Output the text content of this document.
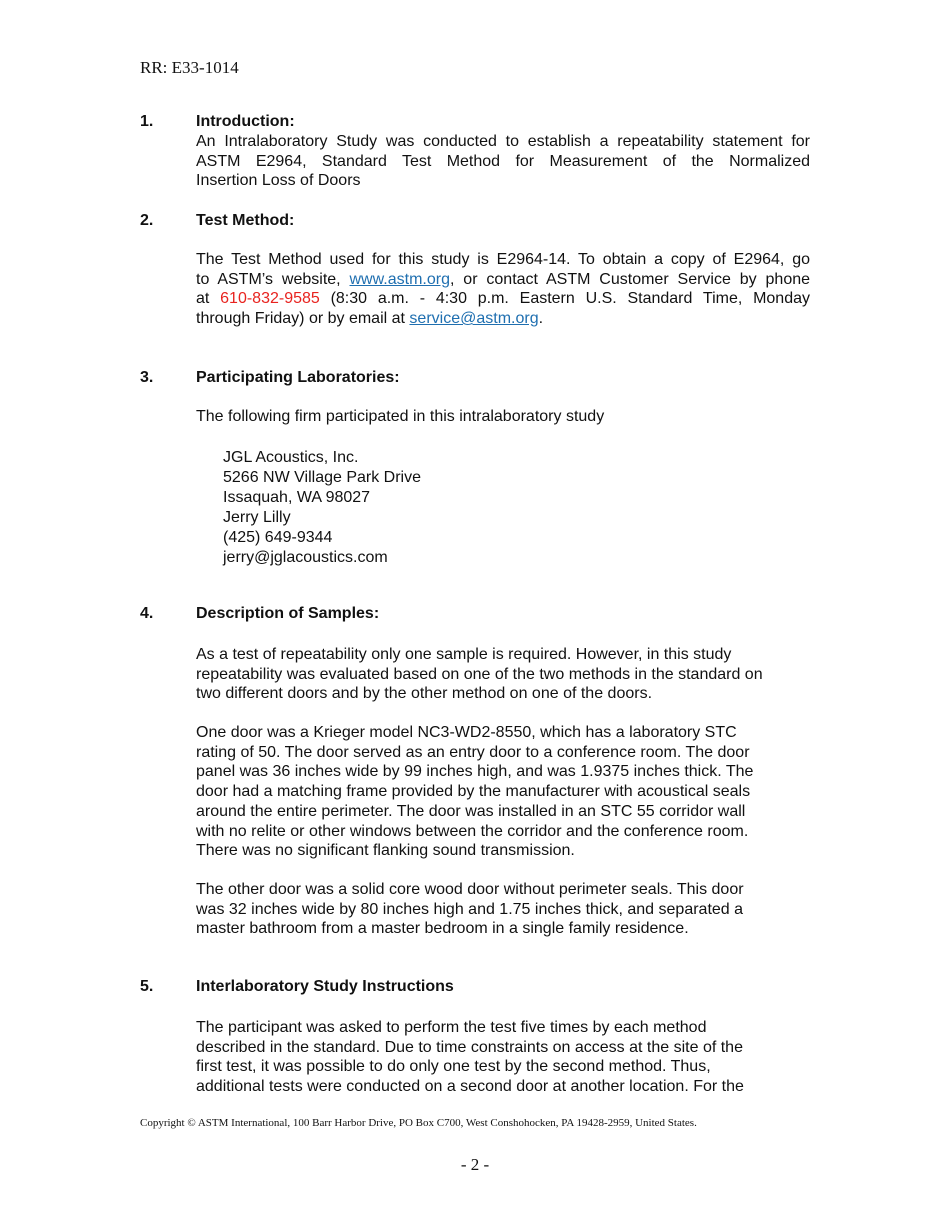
RR: E33-1014
1.	Introduction:
An Intralaboratory Study was conducted to establish a repeatability statement for
ASTM E2964, Standard Test Method for Measurement of the Normalized
Insertion Loss of Doors
2.	Test Method:
The Test Method used for this study is E2964-14. To obtain a copy of E2964, go
to ASTM’s website, www.astm.org, or contact ASTM Customer Service by phone
at 610-832-9585 (8:30 a.m. - 4:30 p.m. Eastern U.S. Standard Time, Monday
through Friday) or by email at service@astm.org.
3.	Participating Laboratories:
The following firm participated in this intralaboratory study
JGL Acoustics, Inc.
5266 NW Village Park Drive
Issaquah, WA 98027
Jerry Lilly
(425) 649-9344
jerry@jglacoustics.com
4.	Description of Samples:
As a test of repeatability only one sample is required. However, in this study
repeatability was evaluated based on one of the two methods in the standard on
two different doors and by the other method on one of the doors.
One door was a Krieger model NC3-WD2-8550, which has a laboratory STC
rating of 50. The door served as an entry door to a conference room. The door
panel was 36 inches wide by 99 inches high, and was 1.9375 inches thick. The
door had a matching frame provided by the manufacturer with acoustical seals
around the entire perimeter. The door was installed in an STC 55 corridor wall
with no relite or other windows between the corridor and the conference room.
There was no significant flanking sound transmission.
The other door was a solid core wood door without perimeter seals. This door
was 32 inches wide by 80 inches high and 1.75 inches thick, and separated a
master bathroom from a master bedroom in a single family residence.
5.	Interlaboratory Study Instructions
The participant was asked to perform the test five times by each method
described in the standard. Due to time constraints on access at the site of the
first test, it was possible to do only one test by the second method. Thus,
additional tests were conducted on a second door at another location. For the
Copyright © ASTM International, 100 Barr Harbor Drive, PO Box C700, West Conshohocken, PA 19428-2959, United States.
- 2 -
